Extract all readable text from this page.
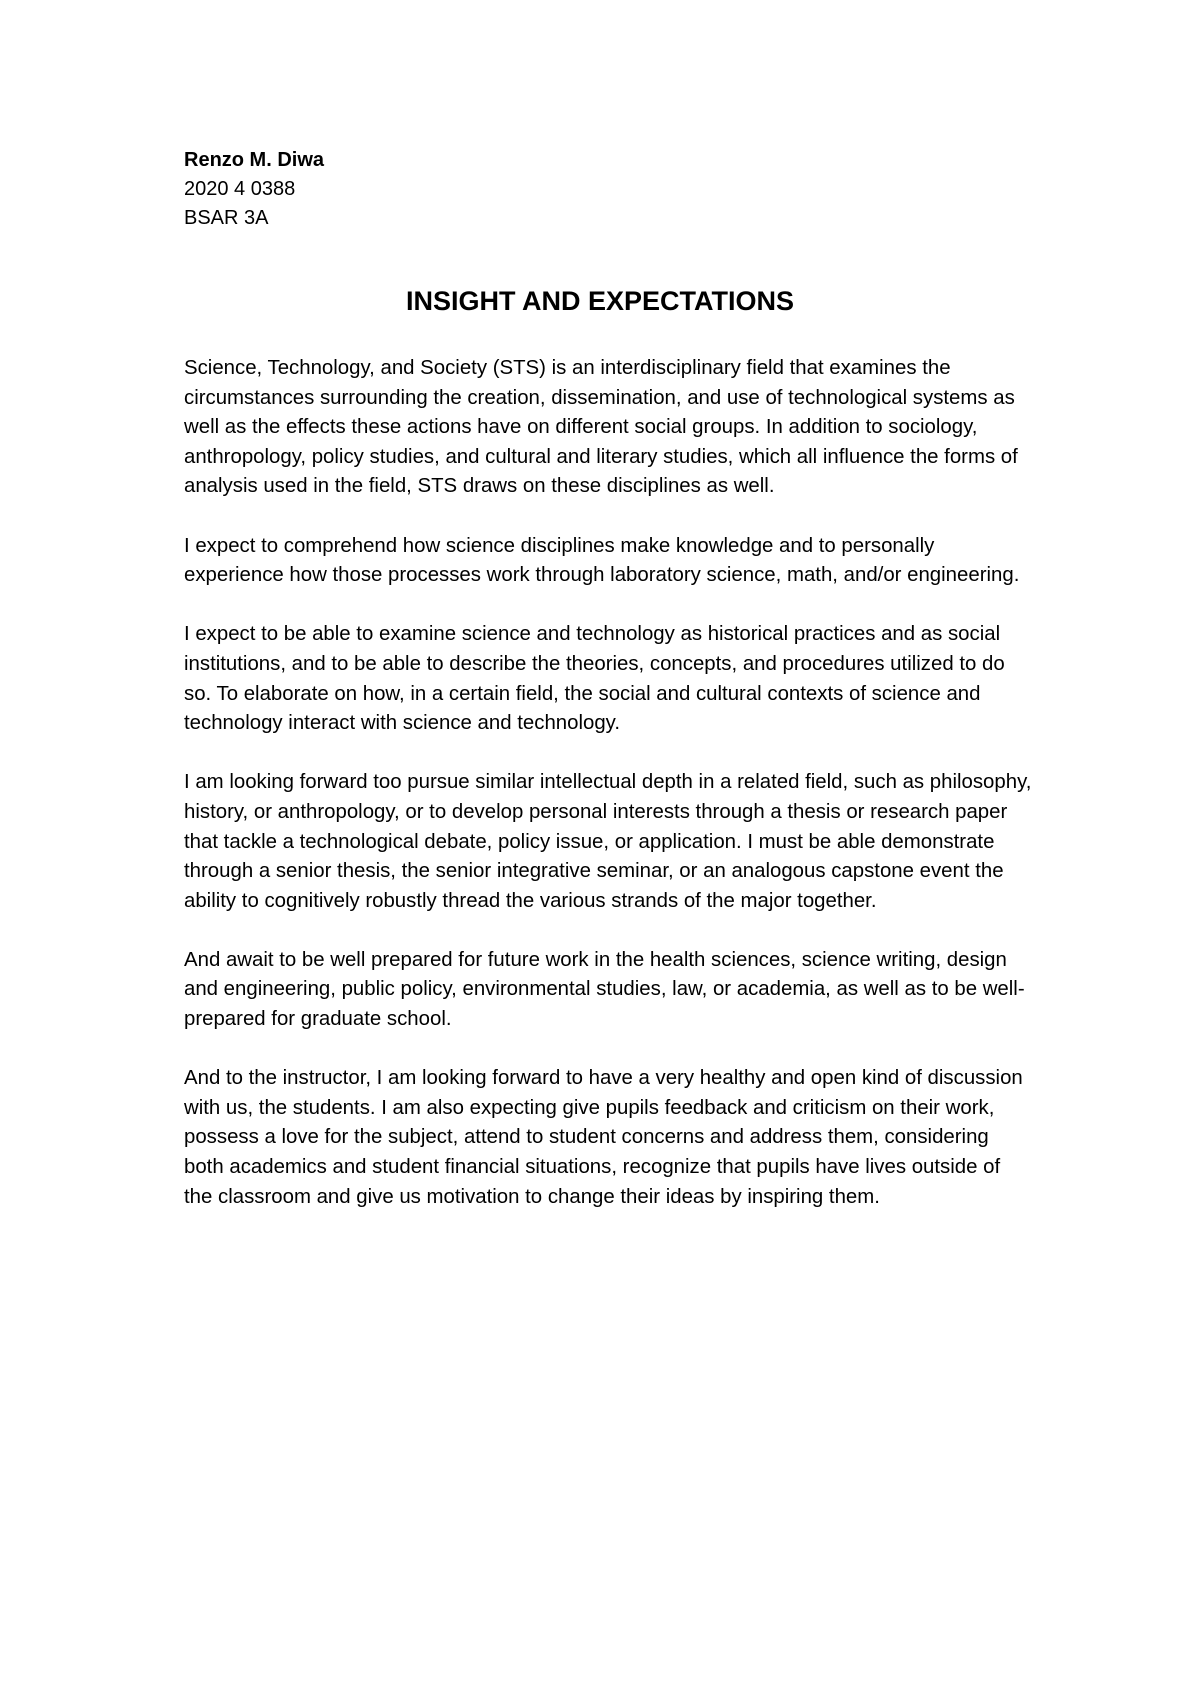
Renzo M. Diwa
2020 4 0388
BSAR 3A
INSIGHT AND EXPECTATIONS

Science, Technology, and Society (STS) is an interdisciplinary field that examines the circumstances surrounding the creation, dissemination, and use of technological systems as well as the effects these actions have on different social groups. In addition to sociology, anthropology, policy studies, and cultural and literary studies, which all influence the forms of analysis used in the field, STS draws on these disciplines as well.

I expect to comprehend how science disciplines make knowledge and to personally experience how those processes work through laboratory science, math, and/or engineering.

I expect to be able to examine science and technology as historical practices and as social institutions, and to be able to describe the theories, concepts, and procedures utilized to do so. To elaborate on how, in a certain field, the social and cultural contexts of science and technology interact with science and technology.

I am looking forward too pursue similar intellectual depth in a related field, such as philosophy, history, or anthropology, or to develop personal interests through a thesis or research paper that tackle a technological debate, policy issue, or application. I must be able demonstrate through a senior thesis, the senior integrative seminar, or an analogous capstone event the ability to cognitively robustly thread the various strands of the major together.

And await to be well prepared for future work in the health sciences, science writing, design and engineering, public policy, environmental studies, law, or academia, as well as to be well-prepared for graduate school.

And to the instructor, I am looking forward to have a very healthy and open kind of discussion with us, the students. I am also expecting give pupils feedback and criticism on their work, possess a love for the subject, attend to student concerns and address them, considering both academics and student financial situations, recognize that pupils have lives outside of the classroom and give us motivation to change their ideas by inspiring them.
